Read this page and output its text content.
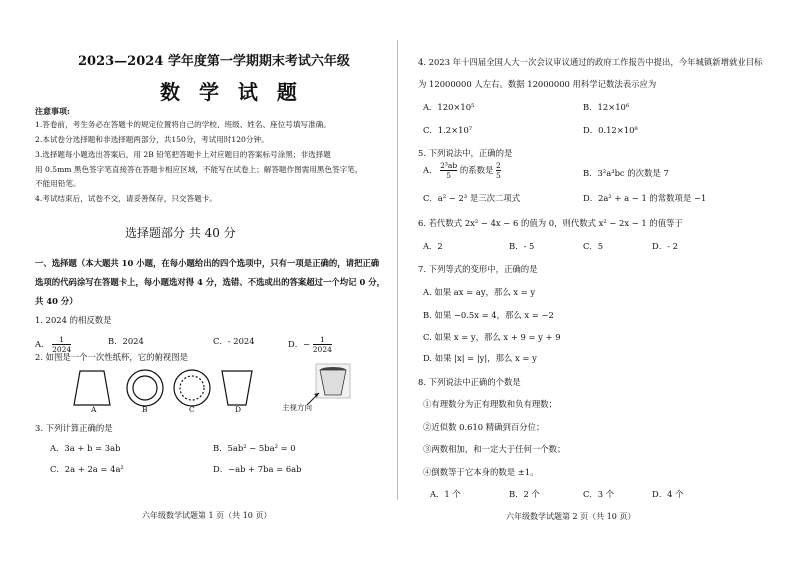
2023—2024 学年度第一学期期末考试六年级
数 学 试 题
注意事项:
1.答卷前，考生务必在答题卡的规定位置将自己的学校、班级、姓名、座位号填写准确。
2.本试卷分选择题和非选择题两部分，共150分，考试用时120分钟。
3.选择题每小题选出答案后，用 2B 铅笔把答题卡上对应题目的答案标号涂黑；非选择题
用 0.5mm 黑色签字笔直接答在答题卡相应区域，不能写在试卷上；解答题作图需用黑色签字笔，
不能用铅笔。
4.考试结束后，试卷不交，请妥善保存，只交答题卡。
选择题部分 共 40 分
一、选择题（本大题共 10 小题，在每小题给出的四个选项中，只有一项是正确的，请把正确
选项的代码涂写在答题卡上，每小题选对得 4 分，选错、不选或出的答案超过一个均记 0 分，
共 40 分）
1. 2024 的相反数是
A． $\frac{1}{2024}$	B．2024	C．- 2024	D．− $\frac{1}{2024}$
2. 如图是一个一次性纸杯，它的俯视图是
A	B	C	D	主视方向
3. 下列计算正确的是
A．3a + b = 3ab	B．5ab² − 5ba² = 0
C．2a + 2a = 4a²	D．−ab + 7ba = 6ab
六年级数学试题第 1 页（共 10 页）
4. 2023 年十四届全国人大一次会议审议通过的政府工作报告中提出，今年城镇新增就业目标
为 12000000 人左右。数据 12000000 用科学记数法表示应为
A．120×10⁵	B．12×10⁶
C．1.2×10⁷	D．0.12×10⁸
5. 下列说法中，正确的是
A． $\frac{\text{2³ab}}{5}$ 的系数是 $\frac{2}{5}$	B．3²a³bc 的次数是 7
C．a² − 2³ 是三次二项式	D．2a² + a − 1 的常数项是 −1
6. 若代数式 2x² − 4x − 6 的值为 0，则代数式 x² − 2x − 1 的值等于
A．2	B．- 5	C．5	D．- 2
7. 下列等式的变形中，正确的是
A. 如果 ax = ay，那么 x = y
B. 如果 −0.5x = 4，那么 x = −2
C. 如果 x = y，那么 x + 9 = y + 9
D. 如果 |x| = |y|，那么 x = y
8. 下列说法中正确的个数是
①有理数分为正有理数和负有理数；
②近似数 0.610 精确到百分位；
③两数相加，和一定大于任何一个数；
④倒数等于它本身的数是 ±1。
A．1 个	B．2 个	C．3 个	D．4 个
六年级数学试题第 2 页（共 10 页）
